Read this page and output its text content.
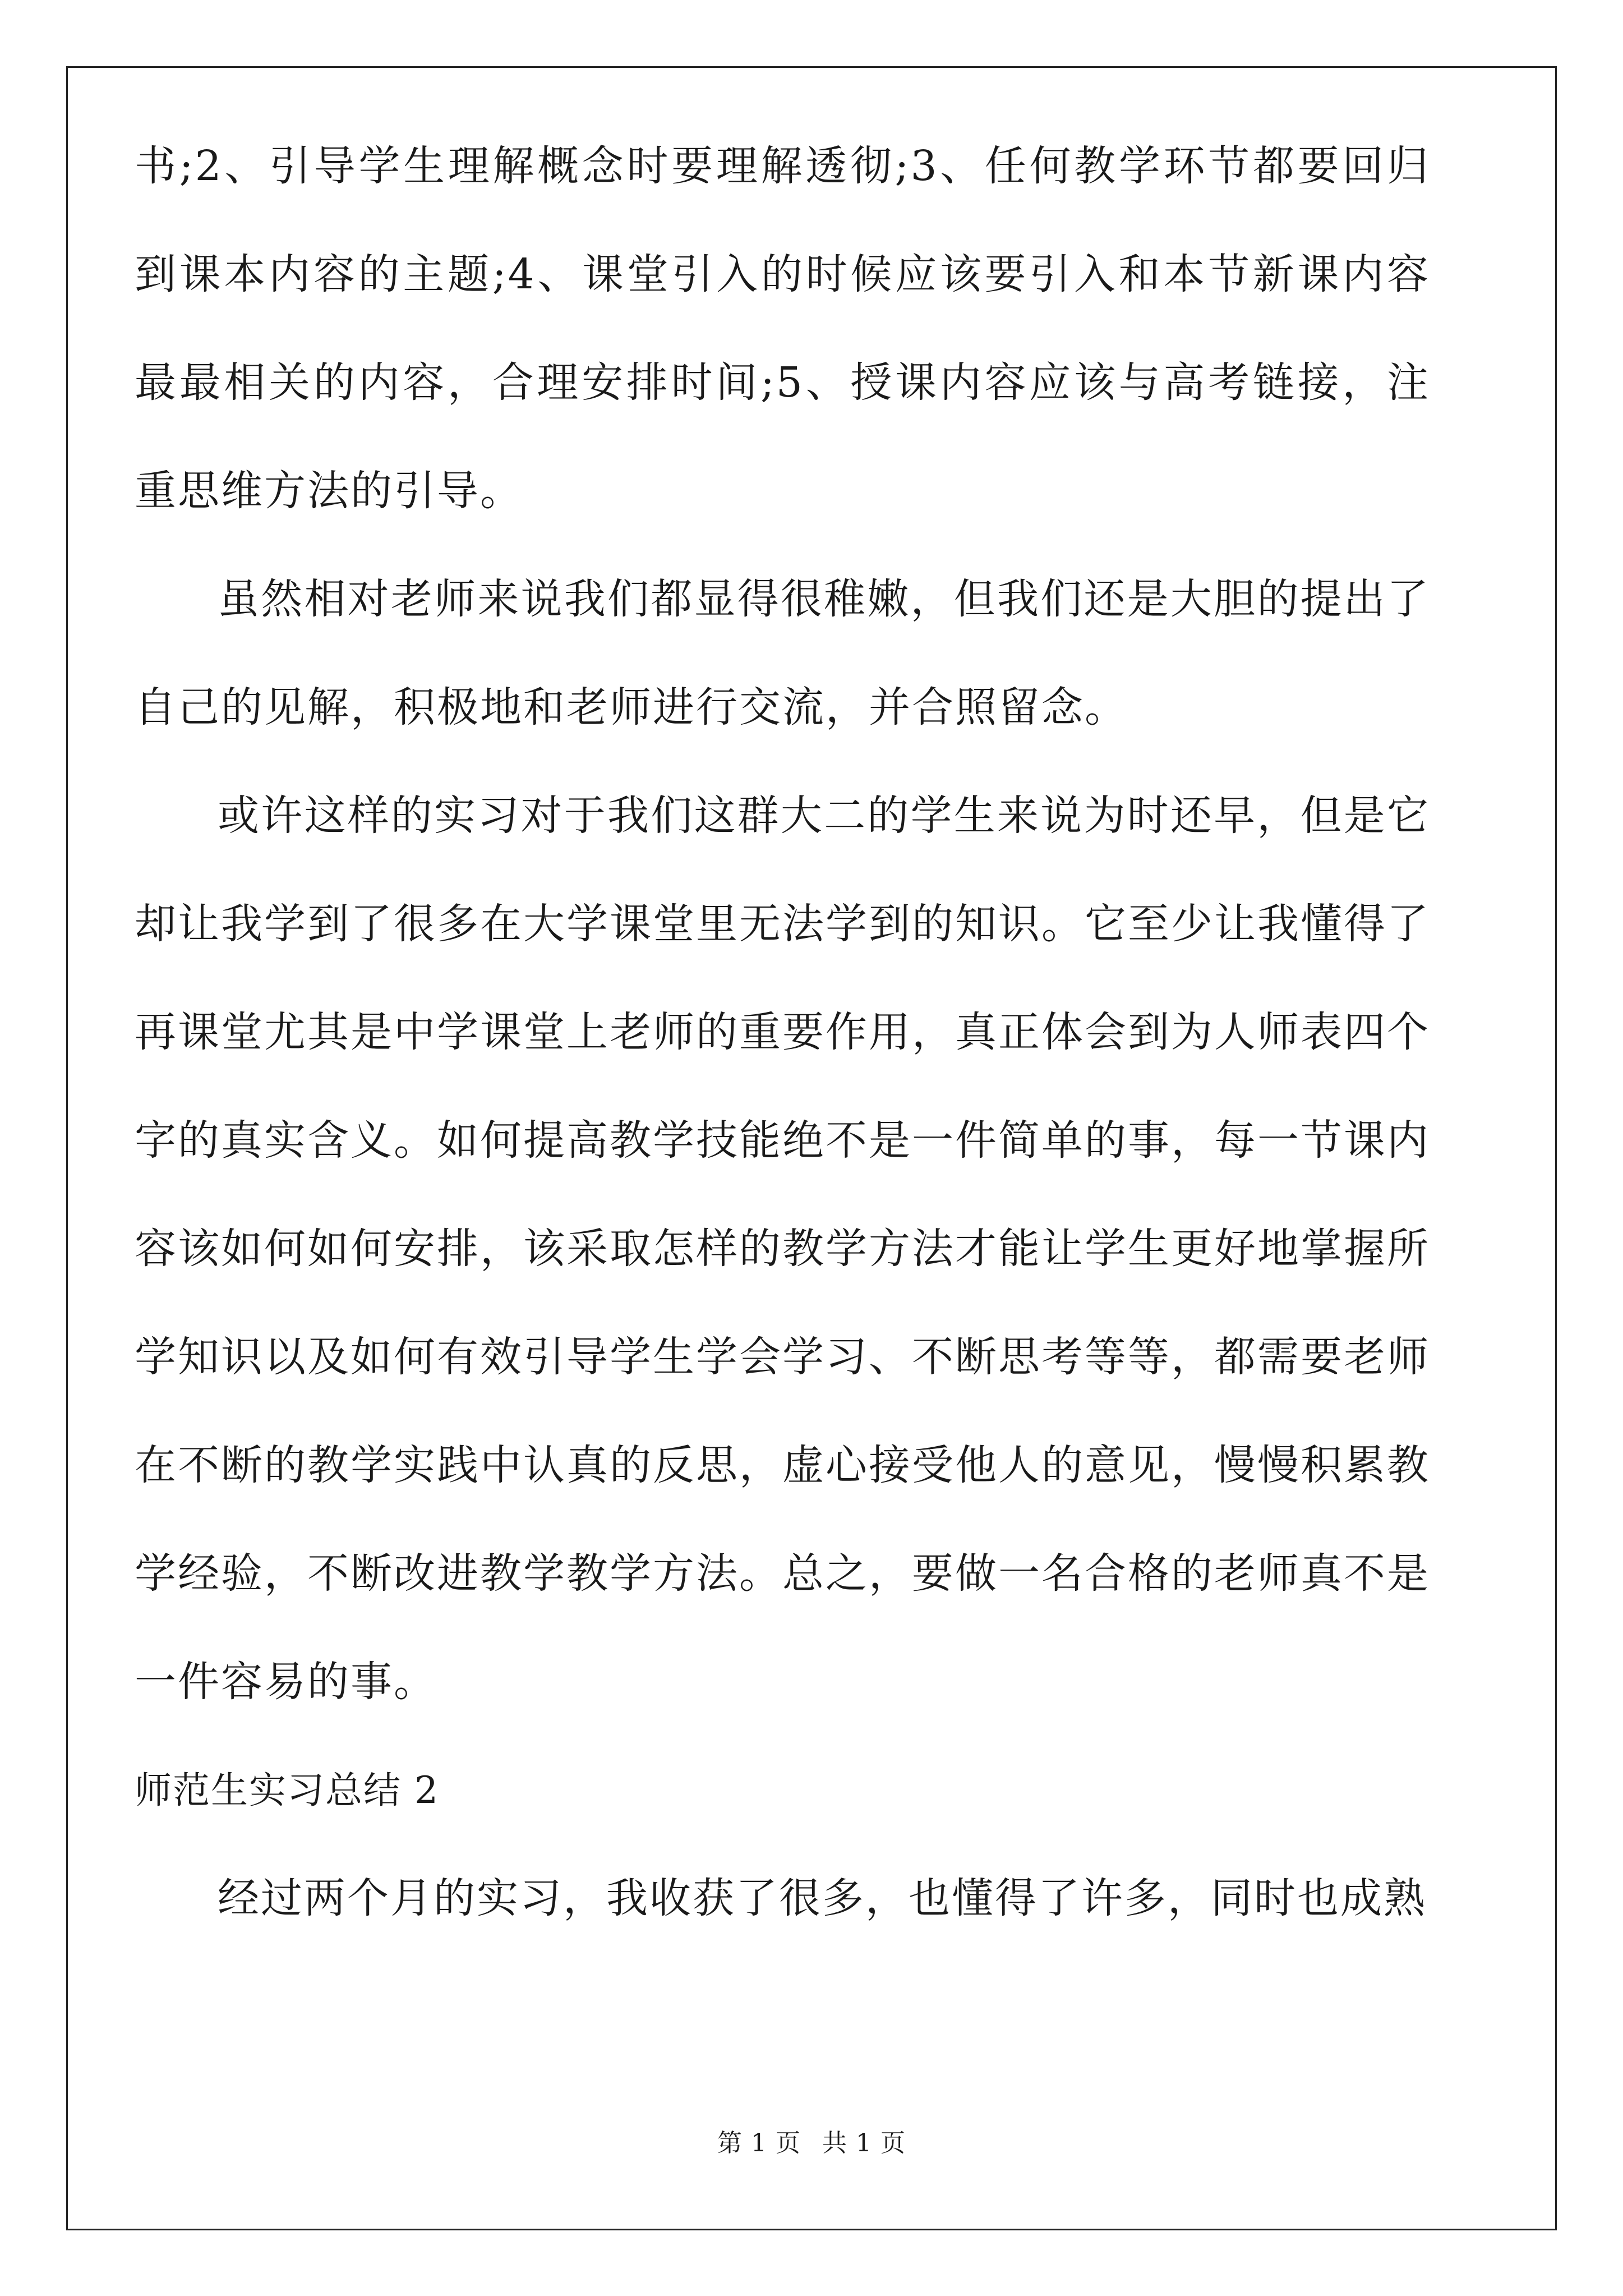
书;2、引导学生理解概念时要理解透彻;3、任何教学环节都要回归到课本内容的主题;4、课堂引入的时候应该要引入和本节新课内容最最相关的内容，合理安排时间;5、授课内容应该与高考链接，注重思维方法的引导。

虽然相对老师来说我们都显得很稚嫩，但我们还是大胆的提出了自己的见解，积极地和老师进行交流，并合照留念。

或许这样的实习对于我们这群大二的学生来说为时还早，但是它却让我学到了很多在大学课堂里无法学到的知识。它至少让我懂得了再课堂尤其是中学课堂上老师的重要作用，真正体会到为人师表四个字的真实含义。如何提高教学技能绝不是一件简单的事，每一节课内容该如何如何安排，该采取怎样的教学方法才能让学生更好地掌握所学知识以及如何有效引导学生学会学习、不断思考等等，都需要老师在不断的教学实践中认真的反思，虚心接受他人的意见，慢慢积累教学经验，不断改进教学教学方法。总之，要做一名合格的老师真不是一件容易的事。

师范生实习总结 2

经过两个月的实习，我收获了很多，也懂得了许多，同时也成熟

第 1 页 共 1 页
